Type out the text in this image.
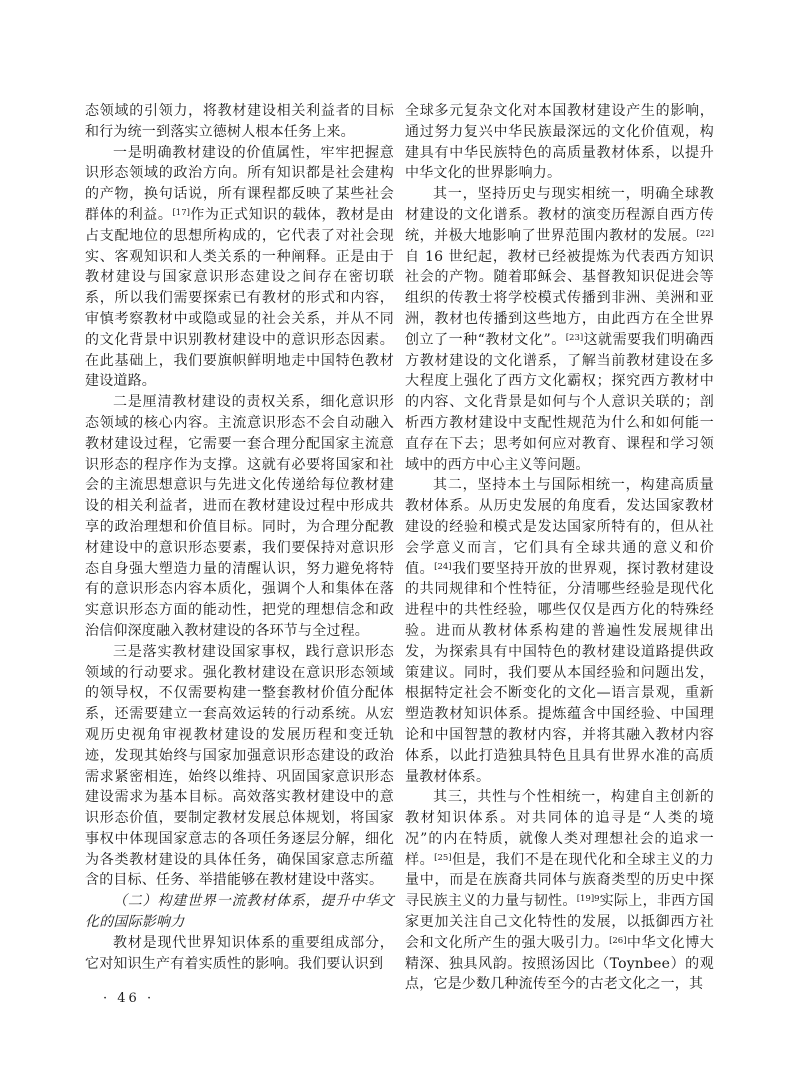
态领域的引领力，将教材建设相关利益者的目标和行为统一到落实立德树人根本任务上来。

一是明确教材建设的价值属性，牢牢把握意识形态领域的政治方向。所有知识都是社会建构的产物，换句话说，所有课程都反映了某些社会群体的利益。[17]作为正式知识的载体，教材是由占支配地位的思想所构成的，它代表了对社会现实、客观知识和人类关系的一种阐释。正是由于教材建设与国家意识形态建设之间存在密切联系，所以我们需要探索已有教材的形式和内容，审慎考察教材中或隐或显的社会关系，并从不同的文化背景中识别教材建设中的意识形态因素。在此基础上，我们要旗帜鲜明地走中国特色教材建设道路。

二是厘清教材建设的责权关系，细化意识形态领域的核心内容。主流意识形态不会自动融入教材建设过程，它需要一套合理分配国家主流意识形态的程序作为支撑。这就有必要将国家和社会的主流思想意识与先进文化传递给每位教材建设的相关利益者，进而在教材建设过程中形成共享的政治理想和价值目标。同时，为合理分配教材建设中的意识形态要素，我们要保持对意识形态自身强大塑造力量的清醒认识，努力避免将特有的意识形态内容本质化，强调个人和集体在落实意识形态方面的能动性，把党的理想信念和政治信仰深度融入教材建设的各环节与全过程。

三是落实教材建设国家事权，践行意识形态领域的行动要求。强化教材建设在意识形态领域的领导权，不仅需要构建一整套教材价值分配体系，还需要建立一套高效运转的行动系统。从宏观历史视角审视教材建设的发展历程和变迁轨迹，发现其始终与国家加强意识形态建设的政治需求紧密相连，始终以维持、巩固国家意识形态建设需求为基本目标。高效落实教材建设中的意识形态价值，要制定教材发展总体规划，将国家事权中体现国家意志的各项任务逐层分解，细化为各类教材建设的具体任务，确保国家意志所蕴含的目标、任务、举措能够在教材建设中落实。

（二）构建世界一流教材体系，提升中华文化的国际影响力

教材是现代世界知识体系的重要组成部分，它对知识生产有着实质性的影响。我们要认识到

全球多元复杂文化对本国教材建设产生的影响，通过努力复兴中华民族最深远的文化价值观，构建具有中华民族特色的高质量教材体系，以提升中华文化的世界影响力。

其一，坚持历史与现实相统一，明确全球教材建设的文化谱系。教材的演变历程源自西方传统，并极大地影响了世界范围内教材的发展。[22]自 16 世纪起，教材已经被提炼为代表西方知识社会的产物。随着耶稣会、基督教知识促进会等组织的传教士将学校模式传播到非洲、美洲和亚洲，教材也传播到这些地方，由此西方在全世界创立了一种“教材文化”。[23]这就需要我们明确西方教材建设的文化谱系，了解当前教材建设在多大程度上强化了西方文化霸权；探究西方教材中的内容、文化背景是如何与个人意识关联的；剖析西方教材建设中支配性规范为什么和如何能一直存在下去；思考如何应对教育、课程和学习领域中的西方中心主义等问题。

其二，坚持本土与国际相统一，构建高质量教材体系。从历史发展的角度看，发达国家教材建设的经验和模式是发达国家所特有的，但从社会学意义而言，它们具有全球共通的意义和价值。[24]我们要坚持开放的世界观，探讨教材建设的共同规律和个性特征，分清哪些经验是现代化进程中的共性经验，哪些仅仅是西方化的特殊经验。进而从教材体系构建的普遍性发展规律出发，为探索具有中国特色的教材建设道路提供政策建议。同时，我们要从本国经验和问题出发，根据特定社会不断变化的文化—语言景观，重新塑造教材知识体系。提炼蕴含中国经验、中国理论和中国智慧的教材内容，并将其融入教材内容体系，以此打造独具特色且具有世界水准的高质量教材体系。

其三，共性与个性相统一，构建自主创新的教材知识体系。对共同体的追寻是“人类的境况”的内在特质，就像人类对理想社会的追求一样。[25]但是，我们不是在现代化和全球主义的力量中，而是在族裔共同体与族裔类型的历史中探寻民族主义的力量与韧性。$^{[19]9}$实际上，非西方国家更加关注自己文化特性的发展，以抵御西方社会和文化所产生的强大吸引力。[26]中华文化博大精深、独具风韵。按照汤因比（Toynbee）的观点，它是少数几种流传至今的古老文化之一，其

· 46 ·
